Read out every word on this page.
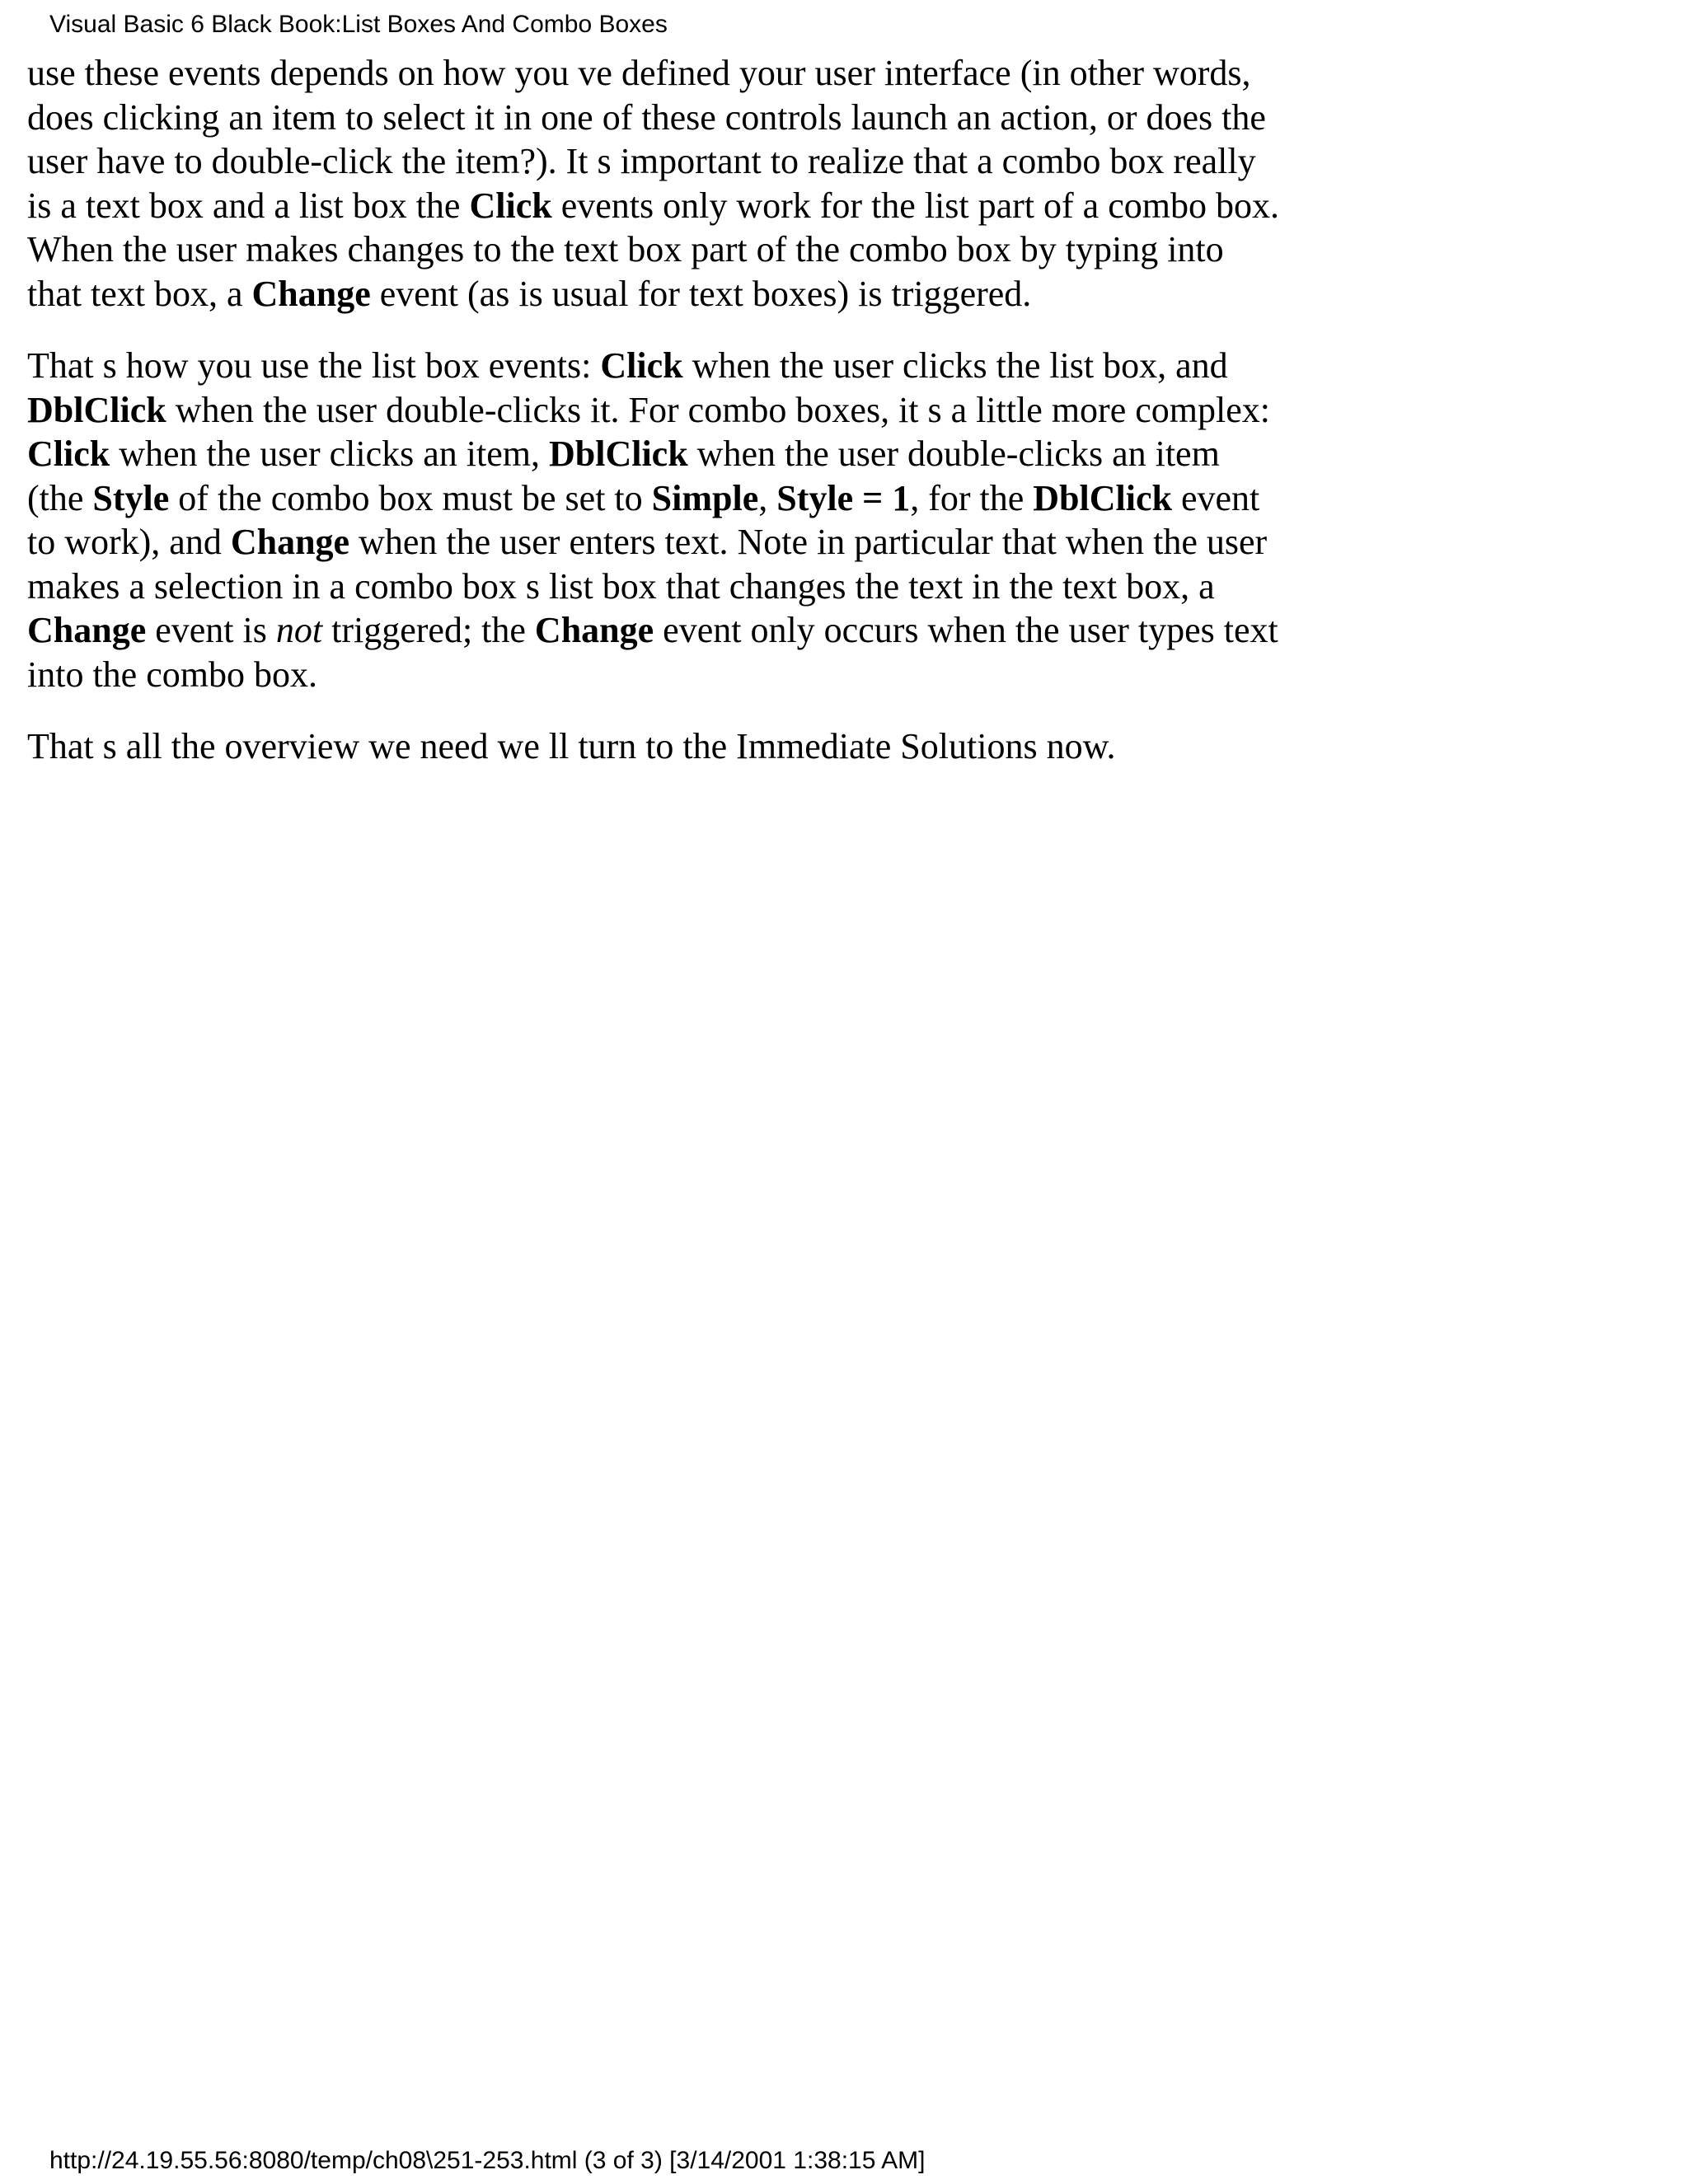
Visual Basic 6 Black Book:List Boxes And Combo Boxes
use these events depends on how you ve defined your user interface (in other words,
does clicking an item to select it in one of these controls launch an action, or does the
user have to double-click the item?). It s important to realize that a combo box really
is a text box and a list box the Click events only work for the list part of a combo box.
When the user makes changes to the text box part of the combo box by typing into
that text box, a Change event (as is usual for text boxes) is triggered.
That s how you use the list box events: Click when the user clicks the list box, and
DblClick when the user double-clicks it. For combo boxes, it s a little more complex:
Click when the user clicks an item, DblClick when the user double-clicks an item
(the Style of the combo box must be set to Simple, Style = 1, for the DblClick event
to work), and Change when the user enters text. Note in particular that when the user
makes a selection in a combo box s list box that changes the text in the text box, a
Change event is not triggered; the Change event only occurs when the user types text
into the combo box.
That s all the overview we need we ll turn to the Immediate Solutions now.
http://24.19.55.56:8080/temp/ch08\251-253.html (3 of 3) [3/14/2001 1:38:15 AM]
